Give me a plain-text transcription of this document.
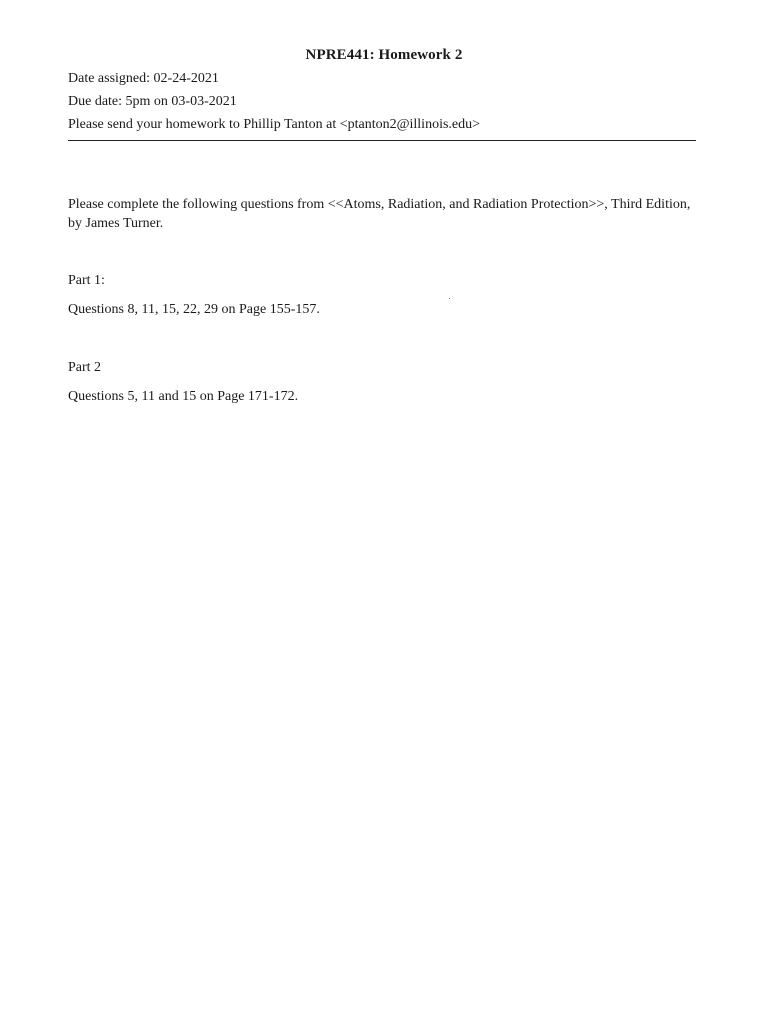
NPRE441: Homework 2
Date assigned: 02-24-2021
Due date: 5pm on 03-03-2021
Please send your homework to Phillip Tanton at <ptanton2@illinois.edu>
Please complete the following questions from <<Atoms, Radiation, and Radiation Protection>>, Third Edition, by James Turner.
Part 1:
Questions 8, 11, 15, 22, 29 on Page 155-157.
Part 2
Questions 5, 11 and 15 on Page 171-172.
